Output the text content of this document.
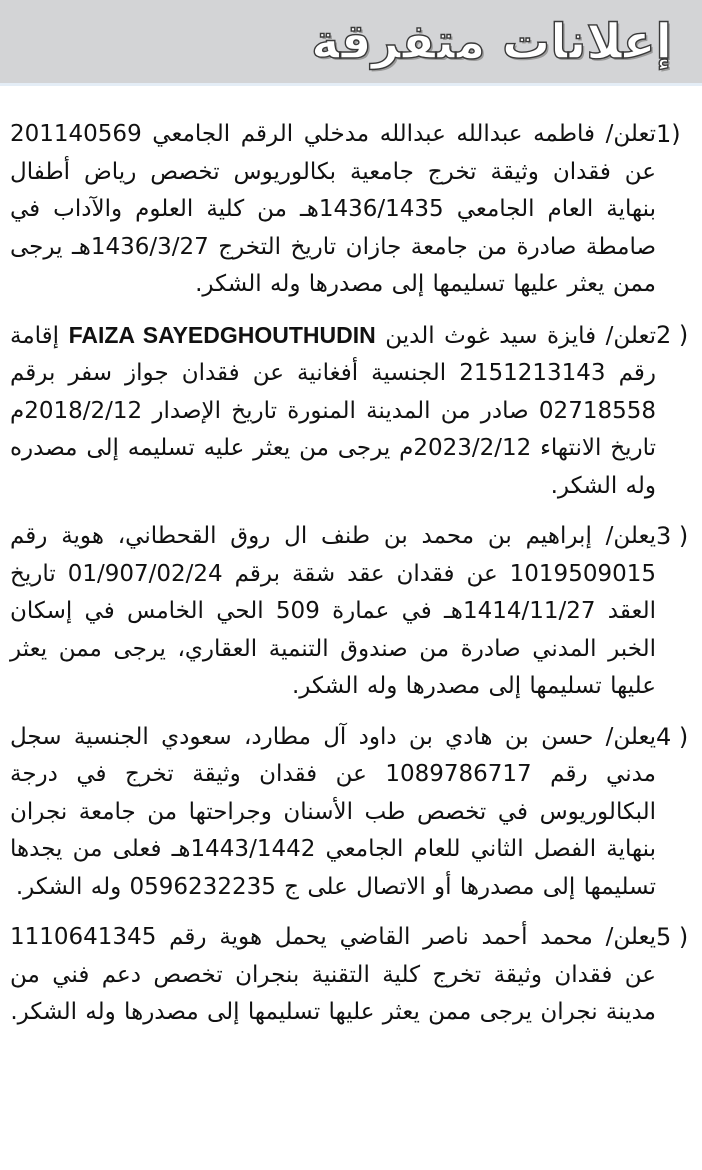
إعلانات متفرقة
1)
تعلن/ فاطمه عبدالله عبدالله مدخلي الرقم الجامعي 201140569 عن فقدان وثيقة تخرج جامعية بكالوريوس تخصص رياض أطفال بنهاية العام الجامعي 1436/1435هـ من كلية العلوم والآداب في صامطة صادرة من جامعة جازان تاريخ التخرج 1436/3/27هـ يرجى ممن يعثر عليها تسليمها إلى مصدرها وله الشكر.
2 )
تعلن/ فايزة سيد غوث الدين FAIZA SAYEDGHOUTHUDIN إقامة رقم 2151213143 الجنسية أفغانية عن فقدان جواز سفر برقم 02718558 صادر من المدينة المنورة تاريخ الإصدار 2018/2/12م تاريخ الانتهاء 2023/2/12م يرجى من يعثر عليه تسليمه إلى مصدره وله الشكر.
3 )
يعلن/ إبراهيم بن محمد بن طنف ال روق القحطاني، هوية رقم 1019509015 عن فقدان عقد شقة برقم 01/907/02/24 تاريخ العقد 1414/11/27هـ في عمارة 509 الحي الخامس في إسكان الخبر المدني صادرة من صندوق التنمية العقاري، يرجى ممن يعثر عليها تسليمها إلى مصدرها وله الشكر.
4 )
يعلن/ حسن بن هادي بن داود آل مطارد، سعودي الجنسية سجل مدني رقم 1089786717 عن فقدان وثيقة تخرج في درجة البكالوريوس في تخصص طب الأسنان وجراحتها من جامعة نجران بنهاية الفصل الثاني للعام الجامعي 1443/1442هـ فعلى من يجدها تسليمها إلى مصدرها أو الاتصال على ج 0596232235 وله الشكر.
5 )
يعلن/ محمد أحمد ناصر القاضي يحمل هوية رقم 1110641345 عن فقدان وثيقة تخرج كلية التقنية بنجران تخصص دعم فني من مدينة نجران يرجى ممن يعثر عليها تسليمها إلى مصدرها وله الشكر.
